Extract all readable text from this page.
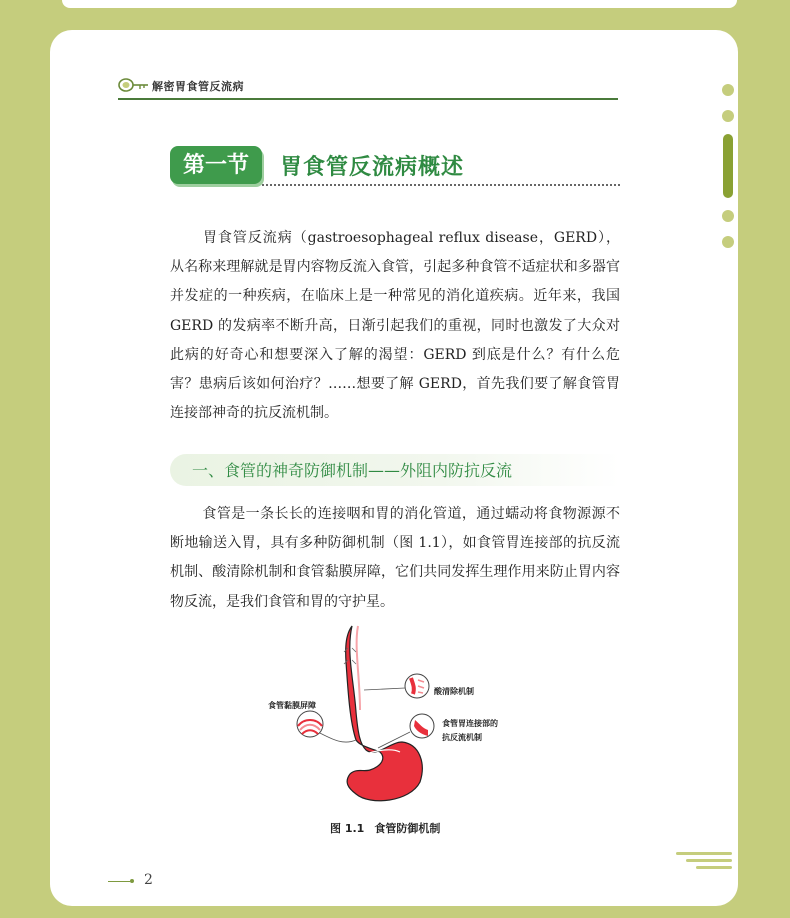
解密胃食管反流病
第一节	胃食管反流病概述
胃食管反流病（gastroesophageal reflux disease，GERD），从名称来理解就是胃内容物反流入食管，引起多种食管不适症状和多器官并发症的一种疾病，在临床上是一种常见的消化道疾病。近年来，我国 GERD 的发病率不断升高，日渐引起我们的重视，同时也激发了大众对此病的好奇心和想要深入了解的渴望：GERD 到底是什么？有什么危害？患病后该如何治疗？……想要了解 GERD，首先我们要了解食管胃连接部神奇的抗反流机制。
一、食管的神奇防御机制——外阻内防抗反流
食管是一条长长的连接咽和胃的消化管道，通过蠕动将食物源源不断地输送入胃，具有多种防御机制（图 1.1），如食管胃连接部的抗反流机制、酸清除机制和食管黏膜屏障，它们共同发挥生理作用来防止胃内容物反流，是我们食管和胃的守护星。
食管黏膜屏障
酸清除机制
食管胃连接部的
抗反流机制
图 1.1 食管防御机制
2
